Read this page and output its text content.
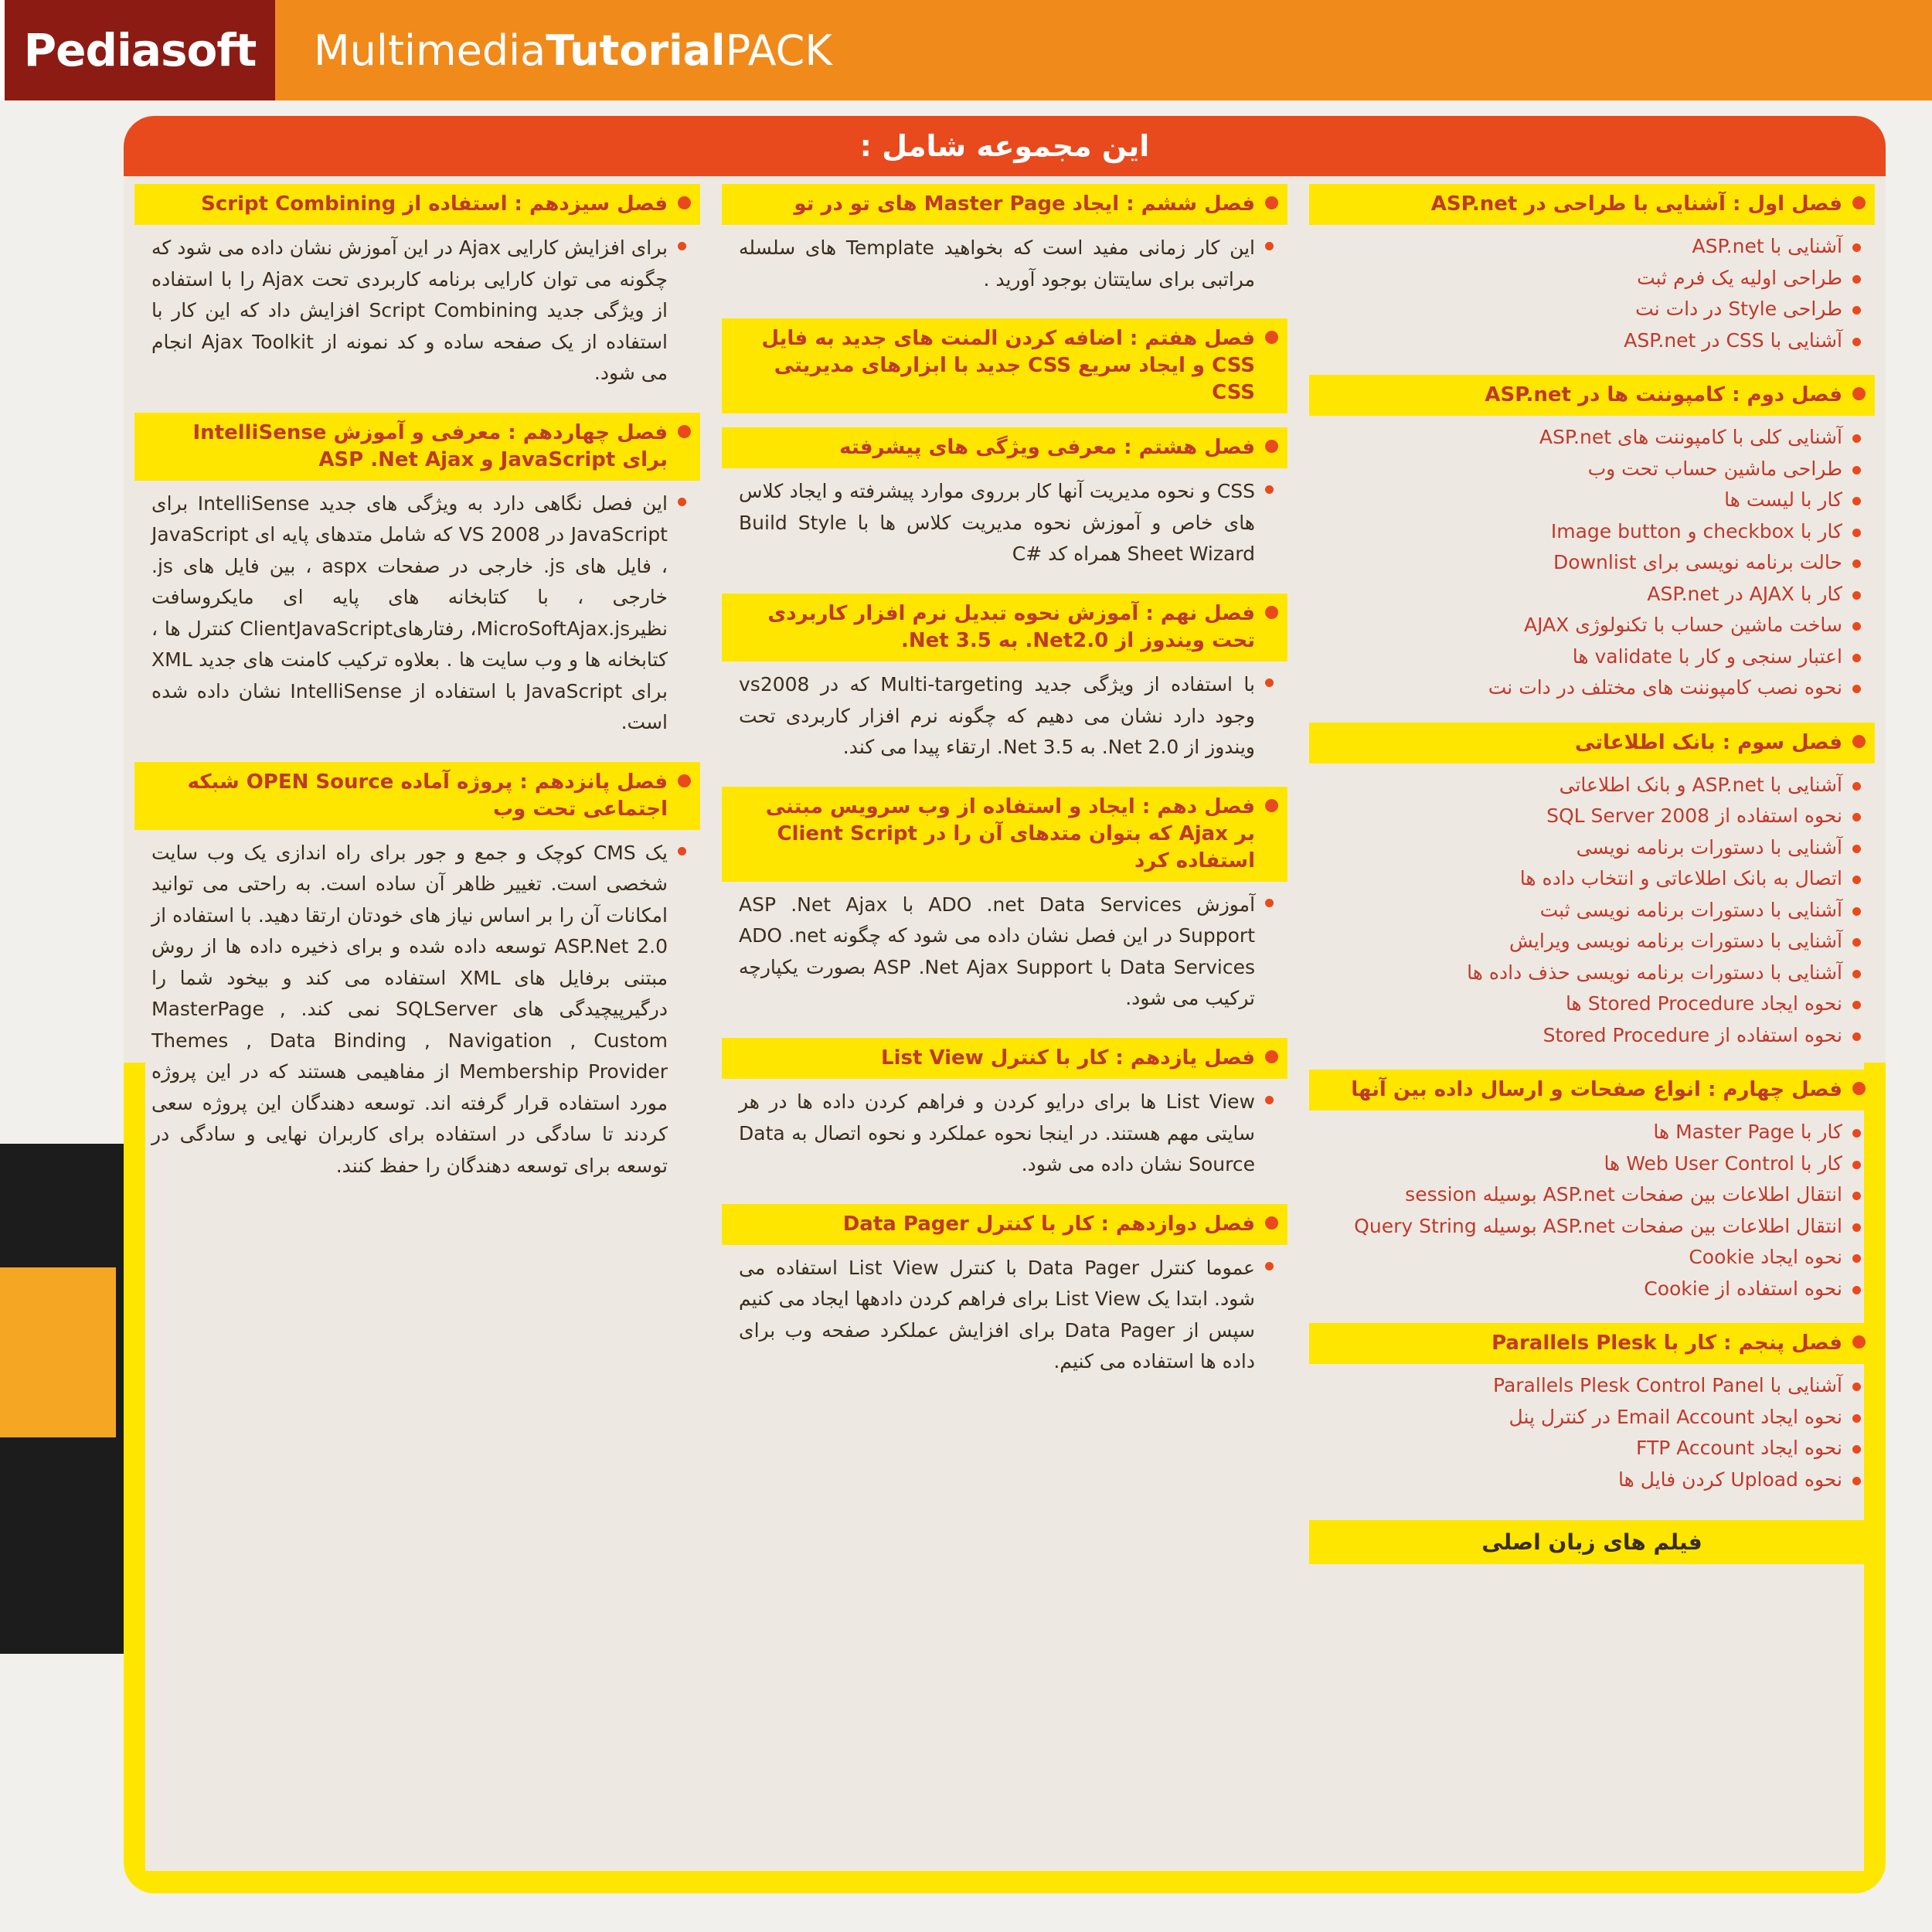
Pediasoft Multimedia Tutorial PACK
این مجموعه شامل :
فصل اول : آشنایی با طراحی در ASP.net
آشنایی با ASP.net
طراحی اولیه یک فرم ثبت
طراحی Style در دات نت
آشنایی با CSS در ASP.net
فصل دوم : کامپوننت ها در ASP.net
آشنایی کلی با کامپوننت های ASP.net
طراحی ماشین حساب تحت وب
کار با لیست ها
کار با checkbox و Image button
حالت برنامه نویسی برای Downlist
کار با AJAX در ASP.net
ساخت ماشین حساب با تکنولوژی AJAX
اعتبار سنجی و کار با validate ها
نحوه نصب کامپوننت های مختلف در دات نت
فصل سوم : بانک اطلاعاتی
آشنایی با ASP.net و بانک اطلاعاتی
نحوه استفاده از SQL Server 2008
آشنایی با دستورات برنامه نویسی
اتصال به بانک اطلاعاتی و انتخاب داده ها
آشنایی با دستورات برنامه نویسی ثبت
آشنایی با دستورات برنامه نویسی ویرایش
آشنایی با دستورات برنامه نویسی حذف داده ها
نحوه ایجاد Stored Procedure ها
نحوه استفاده از Stored Procedure
فصل چهارم : انواع صفحات و ارسال داده بین آنها
کار با Master Page ها
کار با Web User Control ها
انتقال اطلاعات بین صفحات ASP.net بوسیله session
انتقال اطلاعات بین صفحات ASP.net بوسیله Query String
نحوه ایجاد Cookie
نحوه استفاده از Cookie
فصل پنجم : کار با Parallels Plesk
آشنایی با Parallels Plesk Control Panel
نحوه ایجاد Email Account در کنترل پنل
نحوه ایجاد FTP Account
نحوه Upload کردن فایل ها
فیلم های زبان اصلی
فصل ششم : ایجاد Master Page های تو در تو
این کار زمانی مفید است که بخواهید Template های سلسله مراتبی برای سایتتان بوجود آورید .
فصل هفتم : اضافه کردن المنت های جدید به فایل CSS و ایجاد سریع CSS جدید با ابزارهای مدیریتی CSS
فصل هشتم : معرفی ویژگی های پیشرفته
CSS و نحوه مدیریت آنها کار برروی موارد پیشرفته و ایجاد کلاس های خاص و آموزش نحوه مدیریت کلاس ها با Build Style Sheet Wizard همراه کد #C
فصل نهم : آموزش نحوه تبدیل نرم افزار کاربردی تحت ویندوز از Net2.0. به Net 3.5.
با استفاده از ویژگی جدید Multi-targeting که در vs2008 وجود دارد نشان می دهیم که چگونه نرم افزار کاربردی تحت ویندوز از Net 2.0. به Net 3.5. ارتقاء پیدا می کند.
فصل دهم : ایجاد و استفاده از وب سرویس مبتنی بر Ajax که بتوان متدهای آن را در Client Script استفاده کرد
آموزش ADO .net Data Services با ASP .Net Ajax Support در این فصل نشان داده می شود که چگونه ADO .net Data Services با ASP .Net Ajax Support بصورت یکپارچه ترکیب می شود.
فصل یازدهم : کار با کنترل List View
List View ها برای درایو کردن و فراهم کردن داده ها در هر سایتی مهم هستند. در اینجا نحوه عملکرد و نحوه اتصال به Data Source نشان داده می شود.
فصل دوازدهم : کار با کنترل Data Pager
عموما کنترل Data Pager با کنترل List View استفاده می شود. ابتدا یک List View برای فراهم کردن دادهها ایجاد می کنیم سپس از Data Pager برای افزایش عملکرد صفحه وب برای داده ها استفاده می کنیم.
فصل سیزدهم : استفاده از Script Combining
برای افزایش کارایی Ajax در این آموزش نشان داده می شود که چگونه می توان کارایی برنامه کاربردی تحت Ajax را با استفاده از ویژگی جدید Script Combining افزایش داد که این کار با استفاده از یک صفحه ساده و کد نمونه از Ajax Toolkit انجام می شود.
فصل چهاردهم : معرفی و آموزش IntelliSense برای JavaScript و ASP .Net Ajax
این فصل نگاهی دارد به ویژگی های جدید IntelliSense برای JavaScript در VS 2008 که شامل متدهای پایه ای JavaScript ، فایل های js. خارجی در صفحات aspx ، بین فایل های js. خارجی ، با کتابخانه های پایه ای مایکروسافت نظیرMicroSoftAjax.js، رفتارهایClientJavaScript کنترل ها ، کتابخانه ها و وب سایت ها . بعلاوه ترکیب کامنت های جدید XML برای JavaScript با استفاده از IntelliSense نشان داده شده است.
فصل پانزدهم : پروژه آماده OPEN Source شبکه اجتماعی تحت وب
یک CMS کوچک و جمع و جور برای راه اندازی یک وب سایت شخصی است. تغییر ظاهر آن ساده است. به راحتی می توانید امکانات آن را بر اساس نیاز های خودتان ارتقا دهید. با استفاده از ASP.Net 2.0 توسعه داده شده و برای ذخیره داده ها از روش مبتنی برفایل های XML استفاده می کند و بیخود شما را درگیرپیچیدگی های SQLServer نمی کند. MasterPage , Themes , Data Binding , Navigation , Custom Membership Provider از مفاهیمی هستند که در این پروژه مورد استفاده قرار گرفته اند. توسعه دهندگان این پروژه سعی کردند تا سادگی در استفاده برای کاربران نهایی و سادگی در توسعه برای توسعه دهندگان را حفظ کنند.
